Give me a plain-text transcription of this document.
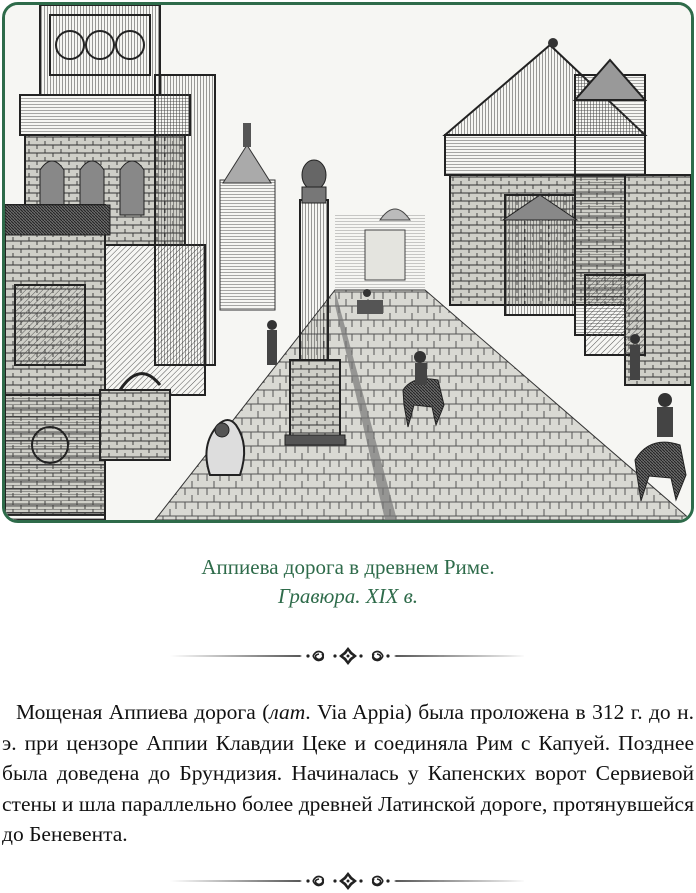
Аппиева дорога в древнем Риме.
Гравюра. XIX в.

Мощеная Аппиева дорога (лат. Via Appia) была проложена в 312 г. до н. э. при цензоре Аппии Клавдии Цеке и соединяла Рим с Капуей. Позднее была доведена до Брундизия. Начиналась у Капенских ворот Сервиевой стены и шла параллельно более древней Латинской дороге, протянувшейся до Беневента.
